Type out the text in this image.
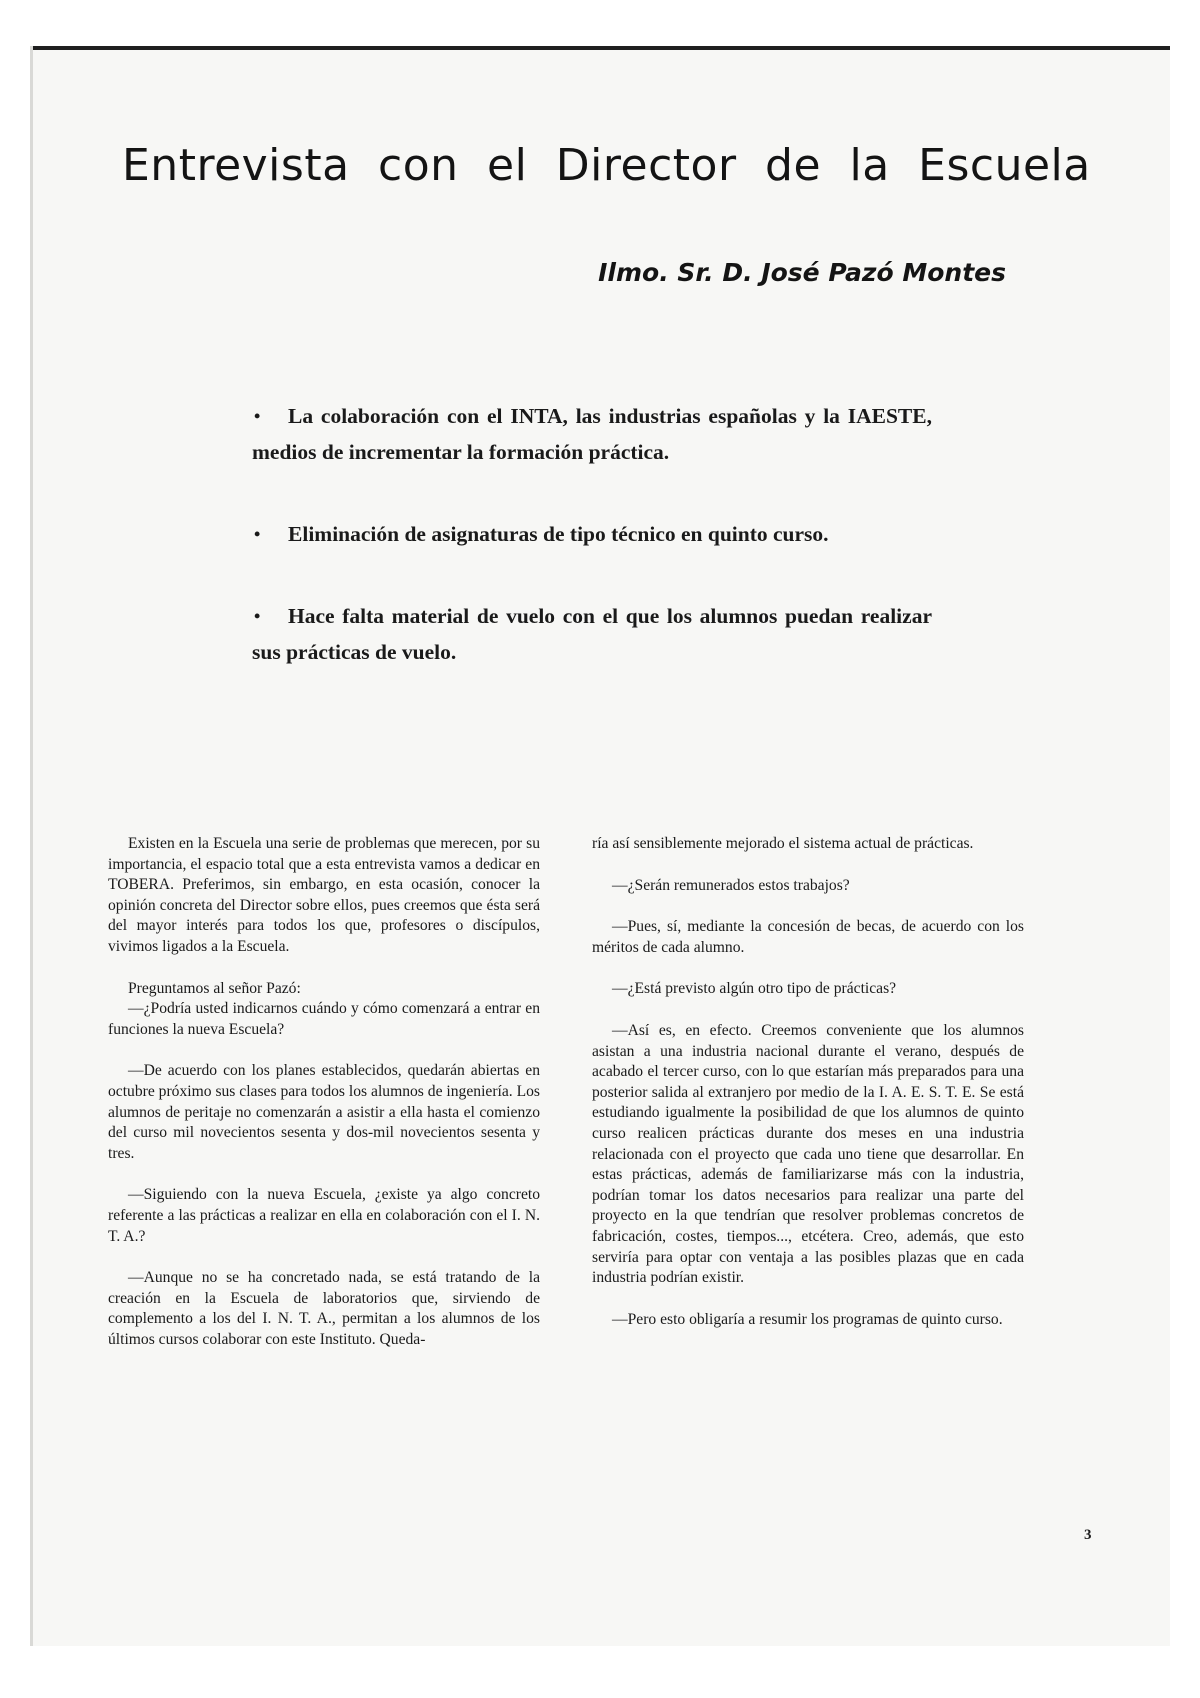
Entrevista con el Director de la Escuela
Ilmo. Sr. D. José Pazó Montes
• La colaboración con el INTA, las industrias españolas y la IAESTE, medios de incrementar la formación práctica.
• Eliminación de asignaturas de tipo técnico en quinto curso.
• Hace falta material de vuelo con el que los alumnos puedan realizar sus prácticas de vuelo.

Existen en la Escuela una serie de problemas que merecen, por su importancia, el espacio total que a esta entrevista vamos a dedicar en TOBERA. Preferimos, sin embargo, en esta ocasión, conocer la opinión concreta del Director sobre ellos, pues creemos que ésta será del mayor interés para todos los que, profesores o discípulos, vivimos ligados a la Escuela.

Preguntamos al señor Pazó:

—¿Podría usted indicarnos cuándo y cómo comenzará a entrar en funciones la nueva Escuela?

—De acuerdo con los planes establecidos, quedarán abiertas en octubre próximo sus clases para todos los alumnos de ingeniería. Los alumnos de peritaje no comenzarán a asistir a ella hasta el comienzo del curso mil novecientos sesenta y dos-mil novecientos sesenta y tres.

—Siguiendo con la nueva Escuela, ¿existe ya algo concreto referente a las prácticas a realizar en ella en colaboración con el I. N. T. A.?

—Aunque no se ha concretado nada, se está tratando de la creación en la Escuela de laboratorios que, sirviendo de complemento a los del I. N. T. A., permitan a los alumnos de los últimos cursos colaborar con este Instituto. Queda-

ría así sensiblemente mejorado el sistema actual de prácticas.

—¿Serán remunerados estos trabajos?

—Pues, sí, mediante la concesión de becas, de acuerdo con los méritos de cada alumno.

—¿Está previsto algún otro tipo de prácticas?

—Así es, en efecto. Creemos conveniente que los alumnos asistan a una industria nacional durante el verano, después de acabado el tercer curso, con lo que estarían más preparados para una posterior salida al extranjero por medio de la I. A. E. S. T. E. Se está estudiando igualmente la posibilidad de que los alumnos de quinto curso realicen prácticas durante dos meses en una industria relacionada con el proyecto que cada uno tiene que desarrollar. En estas prácticas, además de familiarizarse más con la industria, podrían tomar los datos necesarios para realizar una parte del proyecto en la que tendrían que resolver problemas concretos de fabricación, costes, tiempos..., etcétera. Creo, además, que esto serviría para optar con ventaja a las posibles plazas que en cada industria podrían existir.

—Pero esto obligaría a resumir los programas de quinto curso.

3
